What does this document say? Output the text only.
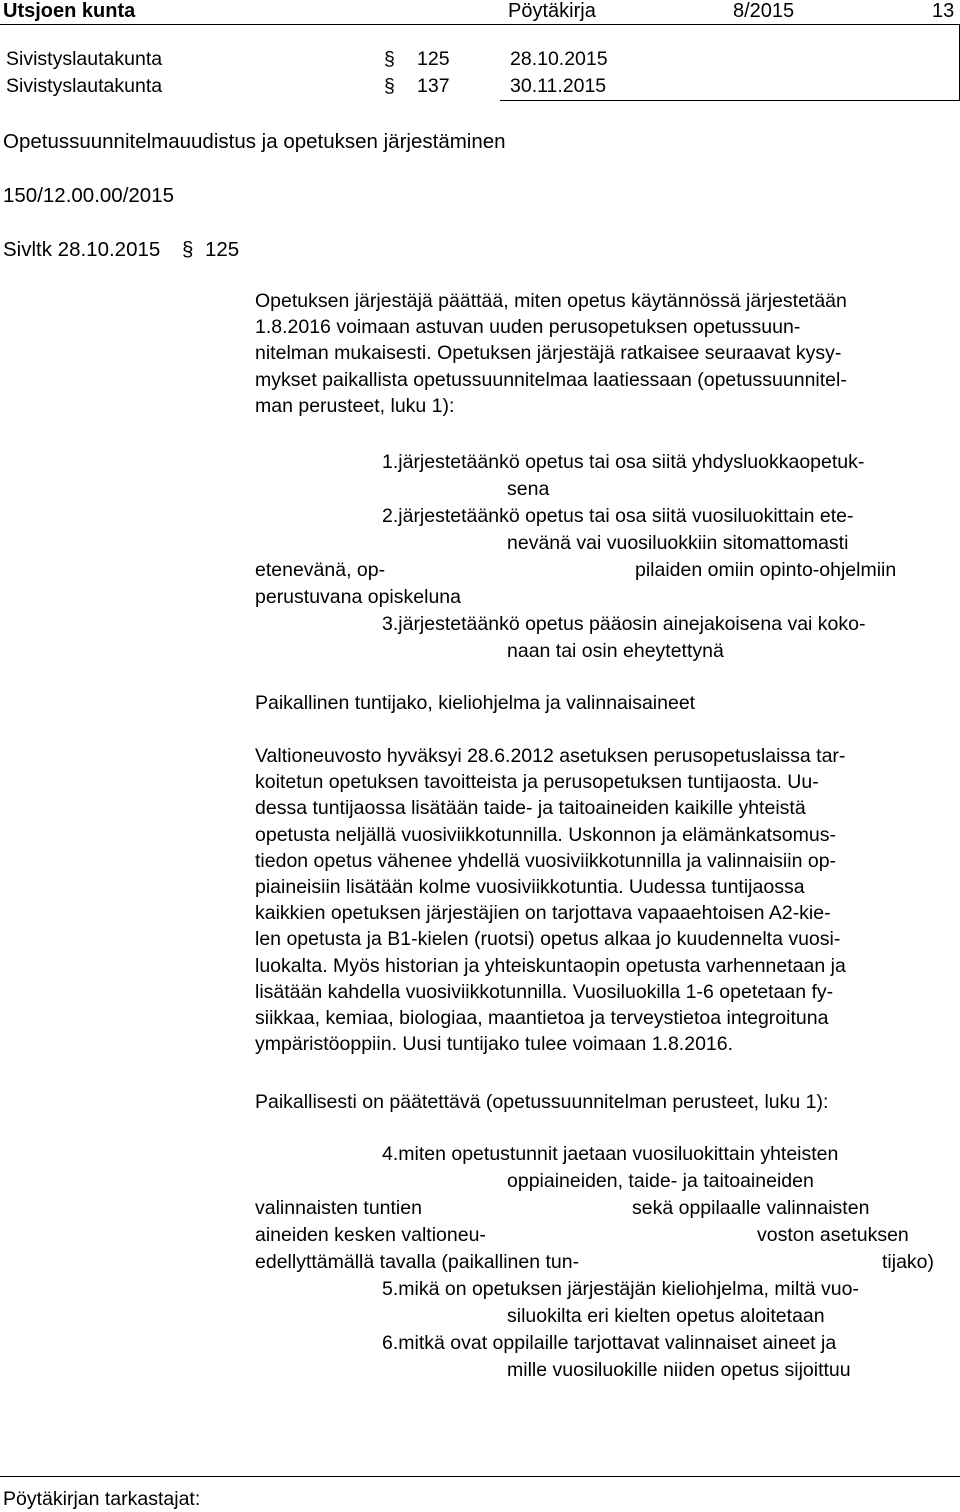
Utsjoen kunta	Pöytäkirja	8/2015	13
Sivistyslautakunta	§ 125	28.10.2015
Sivistyslautakunta	§ 137	30.11.2015
Opetussuunnitelmauudistus ja opetuksen järjestäminen
150/12.00.00/2015
Sivltk 28.10.2015 § 125
Opetuksen järjestäjä päättää, miten opetus käytännössä järjestetään
1.8.2016 voimaan astuvan uuden perusopetuksen opetussuun-
nitelman mukaisesti. Opetuksen järjestäjä ratkaisee seuraavat kysy-
mykset paikallista opetussuunnitelmaa laatiessaan (opetussuunnitel-
man perusteet, luku 1):
1.järjestetäänkö opetus tai osa siitä yhdysluokkaopetuk-
sena
2.järjestetäänkö opetus tai osa siitä vuosiluokittain ete-
nevänä vai vuosiluokkiin sitomattomasti
etenevänä, op-	pilaiden omiin opinto-ohjelmiin
perustuvana opiskeluna
3.järjestetäänkö opetus pääosin ainejakoisena vai koko-
naan tai osin eheytettynä
Paikallinen tuntijako, kieliohjelma ja valinnaisaineet
Valtioneuvosto hyväksyi 28.6.2012 asetuksen perusopetuslaissa tar-
koitetun opetuksen tavoitteista ja perusopetuksen tuntijaosta. Uu-
dessa tuntijaossa lisätään taide- ja taitoaineiden kaikille yhteistä
opetusta neljällä vuosiviikkotunnilla. Uskonnon ja elämänkatsomus-
tiedon opetus vähenee yhdellä vuosiviikkotunnilla ja valinnaisiin op-
piaineisiin lisätään kolme vuosiviikkotuntia. Uudessa tuntijaossa
kaikkien opetuksen järjestäjien on tarjottava vapaaehtoisen A2-kie-
len opetusta ja B1-kielen (ruotsi) opetus alkaa jo kuudennelta vuosi-
luokalta. Myös historian ja yhteiskuntaopin opetusta varhennetaan ja
lisätään kahdella vuosiviikkotunnilla. Vuosiluokilla 1-6 opetetaan fy-
siikkaa, kemiaa, biologiaa, maantietoa ja terveystietoa integroituna
ympäristöoppiin. Uusi tuntijako tulee voimaan 1.8.2016.
Paikallisesti on päätettävä (opetussuunnitelman perusteet, luku 1):
4.miten opetustunnit jaetaan vuosiluokittain yhteisten
oppiaineiden, taide- ja taitoaineiden
valinnaisten tuntien	sekä oppilaalle valinnaisten
aineiden kesken valtioneu-	voston asetuksen
edellyttämällä tavalla (paikallinen tun-	tijako)
5.mikä on opetuksen järjestäjän kieliohjelma, miltä vuo-
siluokilta eri kielten opetus aloitetaan
6.mitkä ovat oppilaille tarjottavat valinnaiset aineet ja
mille vuosiluokille niiden opetus sijoittuu
Pöytäkirjan tarkastajat:
